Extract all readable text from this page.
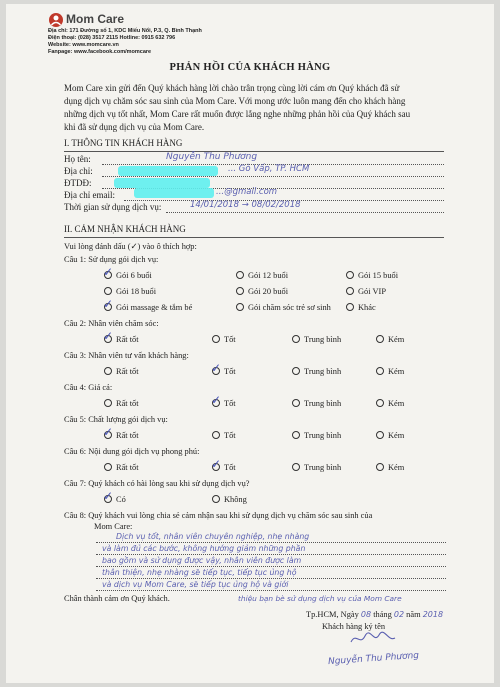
Mom Care
Địa chỉ: 171 Đường số 1, KDC Miếu Nổi, P.3, Q. Bình Thạnh
Điện thoại: (028) 3517 2115 Hotline: 0915 632 796
Website: www.momcare.vn
Fanpage: www.facebook.com/momcare
PHẢN HỒI CỦA KHÁCH HÀNG
Mom Care xin gửi đến Quý khách hàng lời chào trân trọng cùng lời cám ơn Quý khách đã sử
dụng dịch vụ chăm sóc sau sinh của Mom Care. Với mong ước luôn mang đến cho khách hàng
những dịch vụ tốt nhất, Mom Care rất muốn được lắng nghe những phản hồi của Quý khách sau
khi đã sử dụng dịch vụ của Mom Care.
I. THÔNG TIN KHÁCH HÀNG
Họ tên:	Nguyễn Thu Phương
Địa chỉ:	... Gò Vấp, TP. HCM
ĐTDĐ:
Địa chỉ email:	...@gmail.com
Thời gian sử dụng dịch vụ:	14/01/2018 → 08/02/2018
II. CẢM NHẬN KHÁCH HÀNG
Vui lòng đánh dấu (✓) vào ô thích hợp:
Câu 1: Sử dụng gói dịch vụ:
✓ Gói 6 buổi	Gói 12 buổi	Gói 15 buổi
Gói 18 buổi	Gói 20 buổi	Gói VIP
✓ Gói massage & tắm bé	Gói chăm sóc trẻ sơ sinh	Khác
Câu 2: Nhân viên chăm sóc:
✓ Rất tốt	Tốt	Trung bình	Kém
Câu 3: Nhân viên tư vấn khách hàng:
Rất tốt	✓ Tốt	Trung bình	Kém
Câu 4: Giá cả:
Rất tốt	✓ Tốt	Trung bình	Kém
Câu 5: Chất lượng gói dịch vụ:
✓ Rất tốt	Tốt	Trung bình	Kém
Câu 6: Nội dung gói dịch vụ phong phú:
Rất tốt	✓ Tốt	Trung bình	Kém
Câu 7: Quý khách có hài lòng sau khi sử dụng dịch vụ?
✓ Có	Không
Câu 8: Quý khách vui lòng chia sẻ cảm nhận sau khi sử dụng dịch vụ chăm sóc sau sinh của
Mom Care:
Dịch vụ tốt, nhân viên chuyên nghiệp, nhẹ nhàng
và làm đủ các bước, không hướng giảm những phần
bao gồm và sử dụng được vậy, nhân viên được làm
thân thiện, nhẹ nhàng sẽ tiếp tục, tiếp tục ủng hộ
và dịch vụ Mom Care, sẽ tiếp tục ủng hộ và giới
thiệu bạn bè sử dụng dịch vụ của Mom Care
Chân thành cảm ơn Quý khách.
Tp.HCM, Ngày 08 tháng 02 năm 2018
Khách hàng ký tên
Nguyễn Thu Phương
